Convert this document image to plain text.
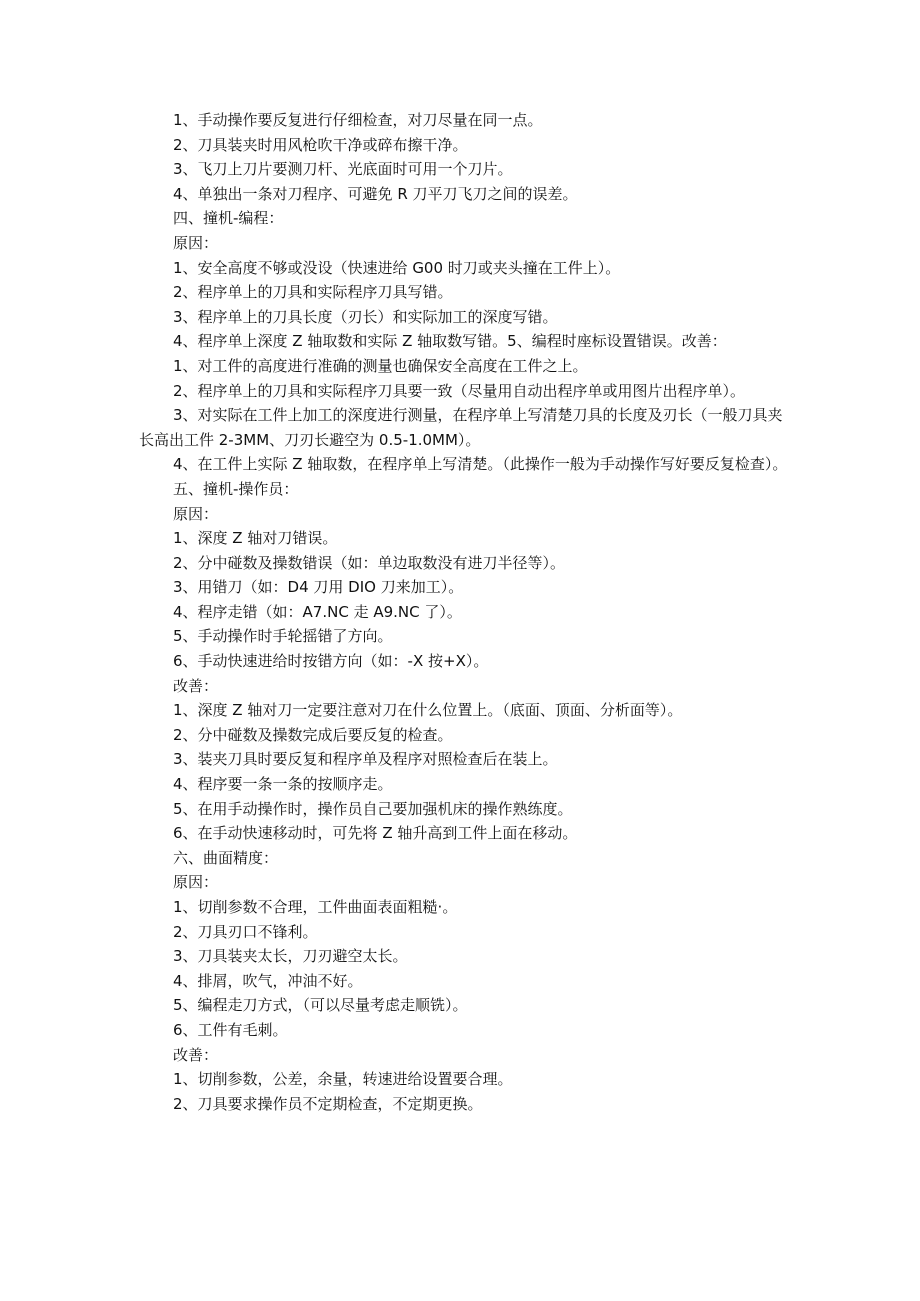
1、手动操作要反复进行仔细检查，对刀尽量在同一点。

2、刀具装夹时用风枪吹干净或碎布擦干净。

3、飞刀上刀片要测刀杆、光底面时可用一个刀片。

4、单独出一条对刀程序、可避免 R 刀平刀飞刀之间的误差。

四、撞机-编程：

原因：

1、安全高度不够或没设（快速进给 G00 时刀或夹头撞在工件上）。

2、程序单上的刀具和实际程序刀具写错。

3、程序单上的刀具长度（刃长）和实际加工的深度写错。

4、程序单上深度 Z 轴取数和实际 Z 轴取数写错。5、编程时座标设置错误。改善：

1、对工件的高度进行准确的测量也确保安全高度在工件之上。

2、程序单上的刀具和实际程序刀具要一致（尽量用自动出程序单或用图片出程序单）。

3、对实际在工件上加工的深度进行测量，在程序单上写清楚刀具的长度及刃长（一般刀具夹长高出工件 2-3MM、刀刃长避空为 0.5-1.0MM）。

4、在工件上实际 Z 轴取数，在程序单上写清楚。（此操作一般为手动操作写好要反复检查）。

五、撞机-操作员：

原因：

1、深度 Z 轴对刀错误。

2、分中碰数及操数错误（如：单边取数没有进刀半径等）。

3、用错刀（如：D4 刀用 DIO 刀来加工）。

4、程序走错（如：A7.NC 走 A9.NC 了）。

5、手动操作时手轮摇错了方向。

6、手动快速进给时按错方向（如：-X 按+X）。

改善：

1、深度 Z 轴对刀一定要注意对刀在什么位置上。（底面、顶面、分析面等）。

2、分中碰数及操数完成后要反复的检查。

3、装夹刀具时要反复和程序单及程序对照检查后在装上。

4、程序要一条一条的按顺序走。

5、在用手动操作时，操作员自己要加强机床的操作熟练度。

6、在手动快速移动时，可先将 Z 轴升高到工件上面在移动。

六、曲面精度：

原因：

1、切削参数不合理，工件曲面表面粗糙·。

2、刀具刃口不锋利。

3、刀具装夹太长，刀刃避空太长。

4、排屑，吹气，冲油不好。

5、编程走刀方式，（可以尽量考虑走顺铣）。

6、工件有毛刺。

改善：

1、切削参数，公差，余量，转速进给设置要合理。

2、刀具要求操作员不定期检查，不定期更换。
